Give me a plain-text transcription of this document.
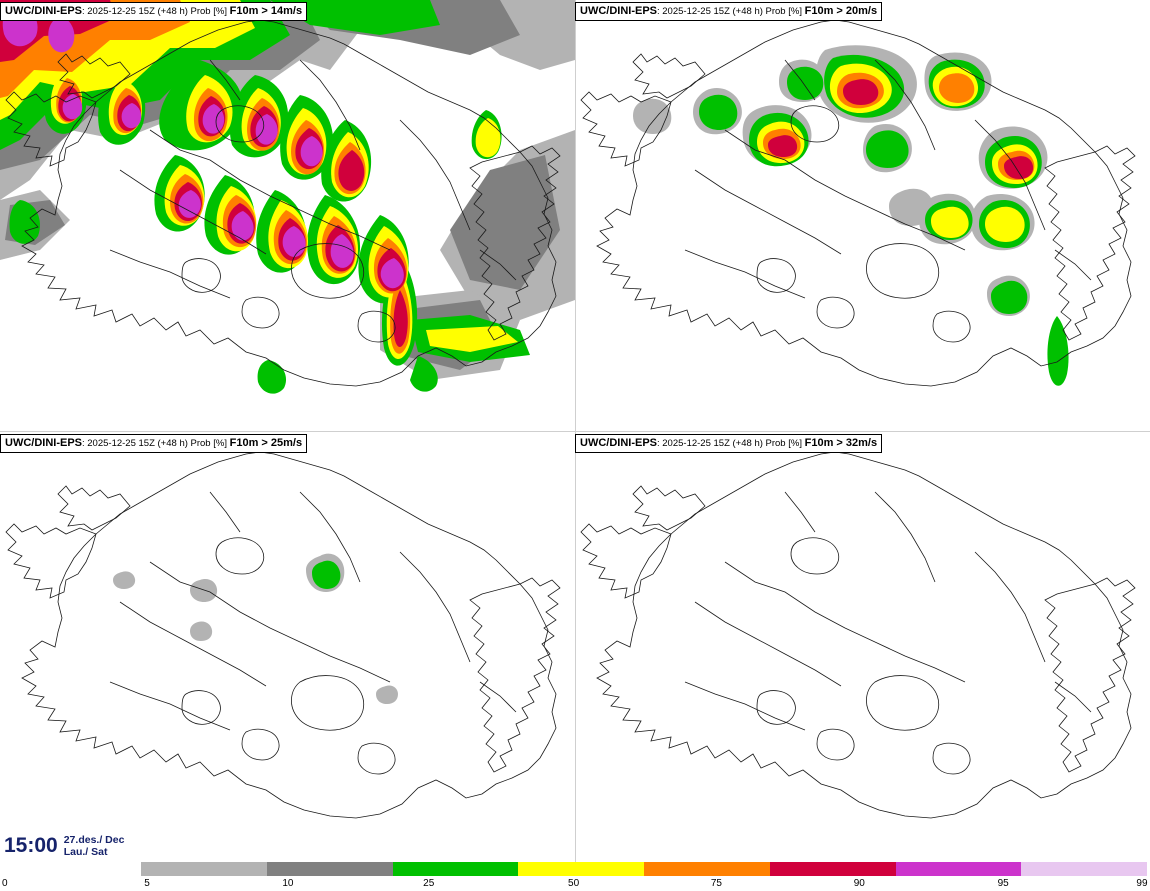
UWC/DINI-EPS: 2025-12-25 15Z (+48 h) Prob [%] F10m > 14m/s	UWC/DINI-EPS: 2025-12-25 15Z (+48 h) Prob [%] F10m > 20m/s
UWC/DINI-EPS: 2025-12-25 15Z (+48 h) Prob [%] F10m > 25m/s	UWC/DINI-EPS: 2025-12-25 15Z (+48 h) Prob [%] F10m > 32m/s
15:00 27.des./ Dec
Lau./ Sat
0	5	10	25	50	75	90	95	99
